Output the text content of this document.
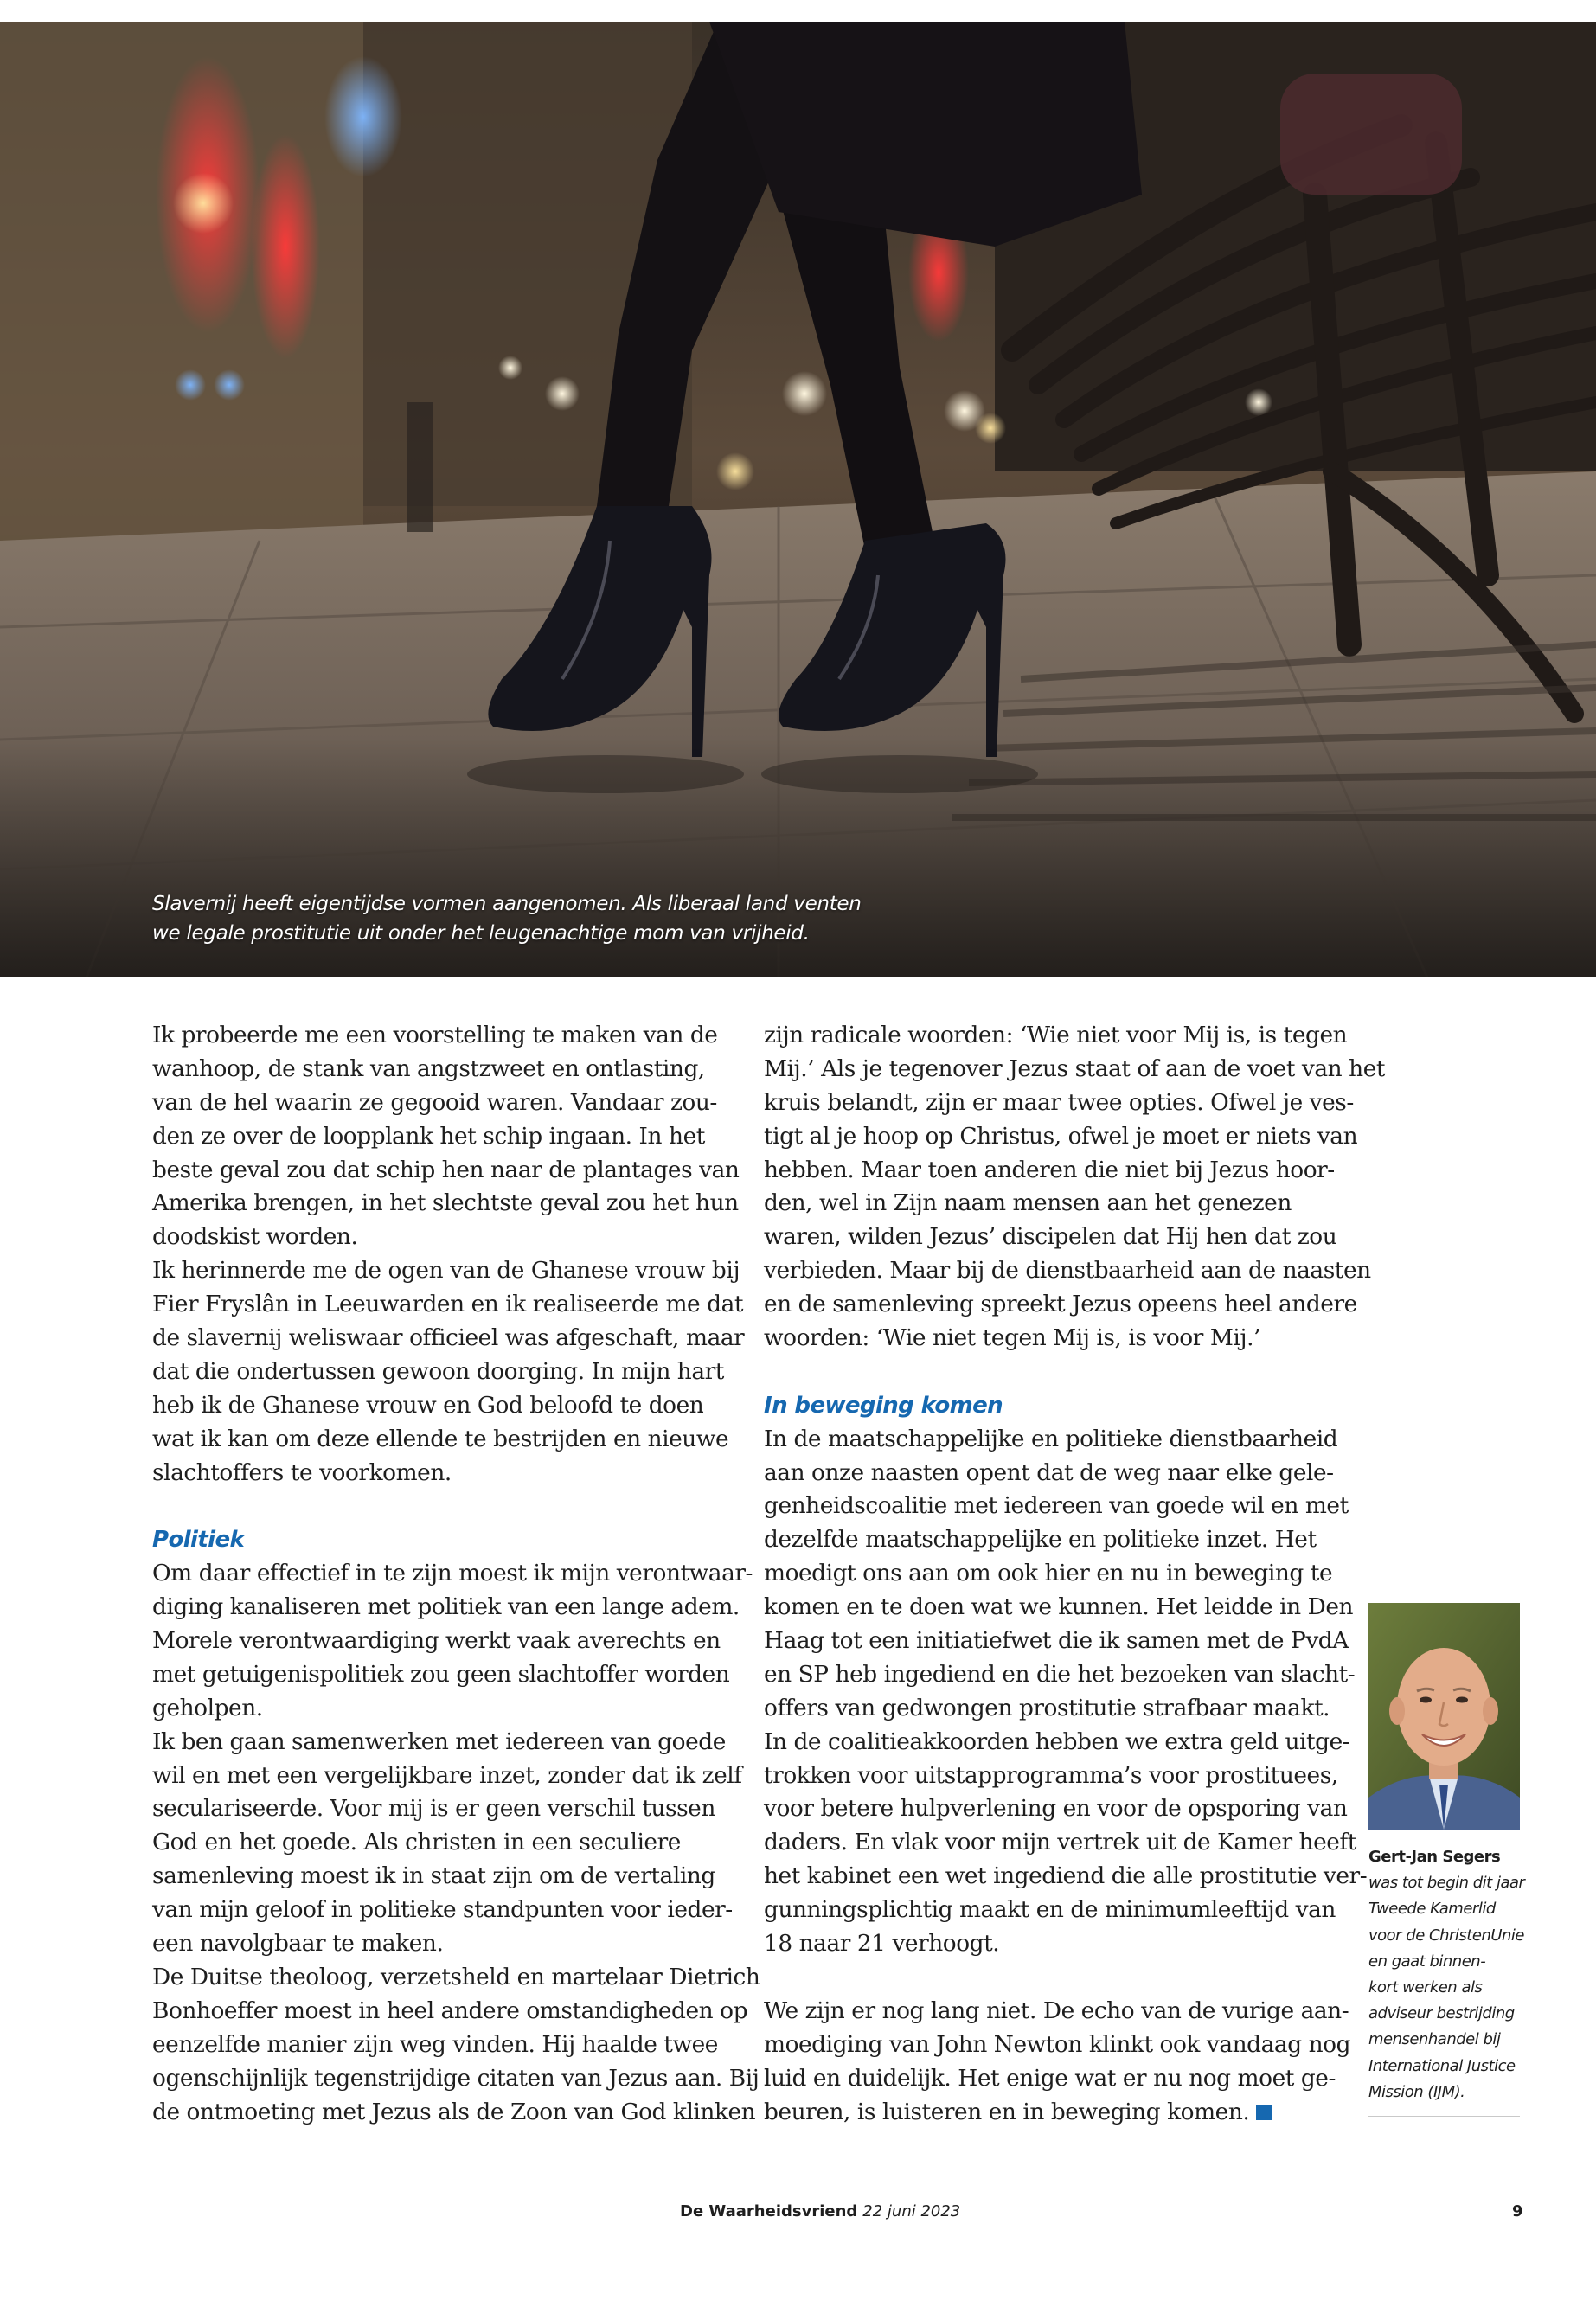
Slavernij heeft eigentijdse vormen aangenomen. Als liberaal land venten
we legale prostitutie uit onder het leugenachtige mom van vrijheid.
Ik probeerde me een voorstelling te maken van de
wanhoop, de stank van angstzweet en ontlasting,
van de hel waarin ze gegooid waren. Vandaar zou-
den ze over de loopplank het schip ingaan. In het
beste geval zou dat schip hen naar de plantages van
Amerika brengen, in het slechtste geval zou het hun
doodskist worden.
Ik herinnerde me de ogen van de Ghanese vrouw bij
Fier Fryslân in Leeuwarden en ik realiseerde me dat
de slavernij weliswaar officieel was afgeschaft, maar
dat die ondertussen gewoon doorging. In mijn hart
heb ik de Ghanese vrouw en God beloofd te doen
wat ik kan om deze ellende te bestrijden en nieuwe
slachtoffers te voorkomen.
Politiek
Om daar effectief in te zijn moest ik mijn verontwaar-
diging kanaliseren met politiek van een lange adem.
Morele verontwaardiging werkt vaak averechts en
met getuigenispolitiek zou geen slachtoffer worden
geholpen.
Ik ben gaan samenwerken met iedereen van goede
wil en met een vergelijkbare inzet, zonder dat ik zelf
seculariseerde. Voor mij is er geen verschil tussen
God en het goede. Als christen in een seculiere
samenleving moest ik in staat zijn om de vertaling
van mijn geloof in politieke standpunten voor ieder-
een navolgbaar te maken.
De Duitse theoloog, verzetsheld en martelaar Dietrich
Bonhoeffer moest in heel andere omstandigheden op
eenzelfde manier zijn weg vinden. Hij haalde twee
ogenschijnlijk tegenstrijdige citaten van Jezus aan. Bij
de ontmoeting met Jezus als de Zoon van God klinken
zijn radicale woorden: ‘Wie niet voor Mij is, is tegen
Mij.’ Als je tegenover Jezus staat of aan de voet van het
kruis belandt, zijn er maar twee opties. Ofwel je ves-
tigt al je hoop op Christus, ofwel je moet er niets van
hebben. Maar toen anderen die niet bij Jezus hoor-
den, wel in Zijn naam mensen aan het genezen
waren, wilden Jezus’ discipelen dat Hij hen dat zou
verbieden. Maar bij de dienstbaarheid aan de naasten
en de samenleving spreekt Jezus opeens heel andere
woorden: ‘Wie niet tegen Mij is, is voor Mij.’
In beweging komen
In de maatschappelijke en politieke dienstbaarheid
aan onze naasten opent dat de weg naar elke gele-
genheidscoalitie met iedereen van goede wil en met
dezelfde maatschappelijke en politieke inzet. Het
moedigt ons aan om ook hier en nu in beweging te
komen en te doen wat we kunnen. Het leidde in Den
Haag tot een initiatiefwet die ik samen met de PvdA
en SP heb ingediend en die het bezoeken van slacht-
offers van gedwongen prostitutie strafbaar maakt.
In de coalitieakkoorden hebben we extra geld uitge-
trokken voor uitstapprogramma’s voor prostituees,
voor betere hulpverlening en voor de opsporing van
daders. En vlak voor mijn vertrek uit de Kamer heeft
het kabinet een wet ingediend die alle prostitutie ver-
gunningsplichtig maakt en de minimumleeftijd van
18 naar 21 verhoogt.
We zijn er nog lang niet. De echo van de vurige aan-
moediging van John Newton klinkt ook vandaag nog
luid en duidelijk. Het enige wat er nu nog moet ge-
beuren, is luisteren en in beweging komen.
Gert-Jan Segers
was tot begin dit jaar
Tweede Kamerlid
voor de ChristenUnie
en gaat binnen-
kort werken als
adviseur bestrijding
mensenhandel bij
International Justice
Mission (IJM).
De Waarheidsvriend 22 juni 2023	9
